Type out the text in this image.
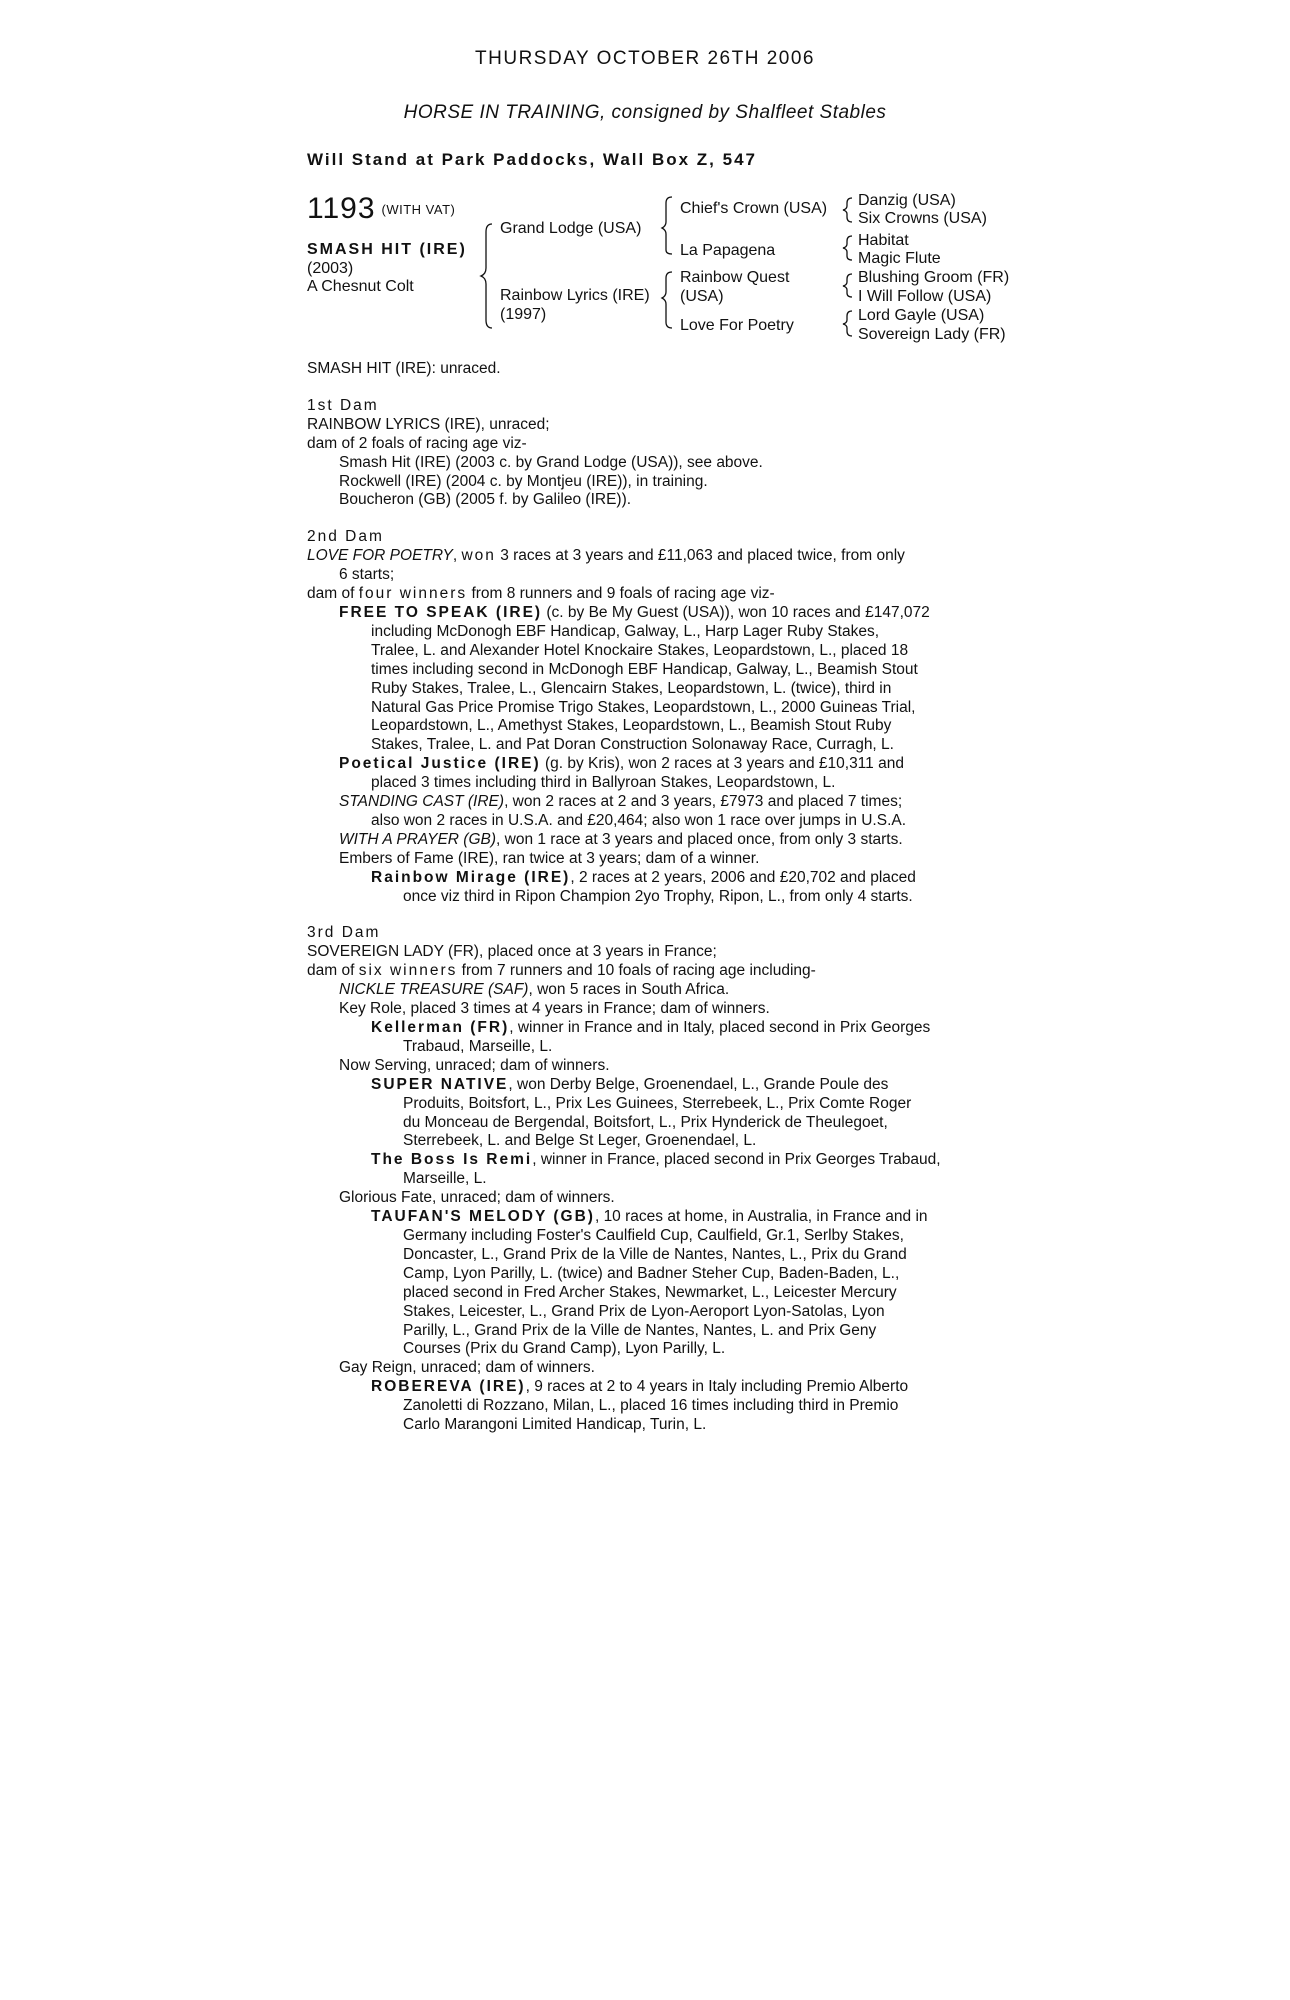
THURSDAY OCTOBER 26TH 2006
HORSE IN TRAINING, consigned by Shalfleet Stables
Will Stand at Park Paddocks, Wall Box Z, 547
1193 (WITH VAT)
SMASH HIT (IRE)
(2003)
A Chesnut Colt
Grand Lodge (USA)
Rainbow Lyrics (IRE)
(1997)
Chief's Crown (USA)
La Papagena
Rainbow Quest
(USA)
Love For Poetry
Danzig (USA)
Six Crowns (USA)
Habitat
Magic Flute
Blushing Groom (FR)
I Will Follow (USA)
Lord Gayle (USA)
Sovereign Lady (FR)

SMASH HIT (IRE): unraced.

1st Dam

RAINBOW LYRICS (IRE), unraced;

dam of 2 foals of racing age viz-

Smash Hit (IRE) (2003 c. by Grand Lodge (USA)), see above.

Rockwell (IRE) (2004 c. by Montjeu (IRE)), in training.

Boucheron (GB) (2005 f. by Galileo (IRE)).

2nd Dam

LOVE FOR POETRY, won 3 races at 3 years and £11,063 and placed twice, from only

6 starts;

dam of four winners from 8 runners and 9 foals of racing age viz-

FREE TO SPEAK (IRE) (c. by Be My Guest (USA)), won 10 races and £147,072

including McDonogh EBF Handicap, Galway, L., Harp Lager Ruby Stakes,

Tralee, L. and Alexander Hotel Knockaire Stakes, Leopardstown, L., placed 18

times including second in McDonogh EBF Handicap, Galway, L., Beamish Stout

Ruby Stakes, Tralee, L., Glencairn Stakes, Leopardstown, L. (twice), third in

Natural Gas Price Promise Trigo Stakes, Leopardstown, L., 2000 Guineas Trial,

Leopardstown, L., Amethyst Stakes, Leopardstown, L., Beamish Stout Ruby

Stakes, Tralee, L. and Pat Doran Construction Solonaway Race, Curragh, L.

Poetical Justice (IRE) (g. by Kris), won 2 races at 3 years and £10,311 and

placed 3 times including third in Ballyroan Stakes, Leopardstown, L.

STANDING CAST (IRE), won 2 races at 2 and 3 years, £7973 and placed 7 times;

also won 2 races in U.S.A. and £20,464; also won 1 race over jumps in U.S.A.

WITH A PRAYER (GB), won 1 race at 3 years and placed once, from only 3 starts.

Embers of Fame (IRE), ran twice at 3 years; dam of a winner.

Rainbow Mirage (IRE), 2 races at 2 years, 2006 and £20,702 and placed

once viz third in Ripon Champion 2yo Trophy, Ripon, L., from only 4 starts.

3rd Dam

SOVEREIGN LADY (FR), placed once at 3 years in France;

dam of six winners from 7 runners and 10 foals of racing age including-

NICKLE TREASURE (SAF), won 5 races in South Africa.

Key Role, placed 3 times at 4 years in France; dam of winners.

Kellerman (FR), winner in France and in Italy, placed second in Prix Georges

Trabaud, Marseille, L.

Now Serving, unraced; dam of winners.

SUPER NATIVE, won Derby Belge, Groenendael, L., Grande Poule des

Produits, Boitsfort, L., Prix Les Guinees, Sterrebeek, L., Prix Comte Roger

du Monceau de Bergendal, Boitsfort, L., Prix Hynderick de Theulegoet,

Sterrebeek, L. and Belge St Leger, Groenendael, L.

The Boss Is Remi, winner in France, placed second in Prix Georges Trabaud,

Marseille, L.

Glorious Fate, unraced; dam of winners.

TAUFAN'S MELODY (GB), 10 races at home, in Australia, in France and in

Germany including Foster's Caulfield Cup, Caulfield, Gr.1, Serlby Stakes,

Doncaster, L., Grand Prix de la Ville de Nantes, Nantes, L., Prix du Grand

Camp, Lyon Parilly, L. (twice) and Badner Steher Cup, Baden-Baden, L.,

placed second in Fred Archer Stakes, Newmarket, L., Leicester Mercury

Stakes, Leicester, L., Grand Prix de Lyon-Aeroport Lyon-Satolas, Lyon

Parilly, L., Grand Prix de la Ville de Nantes, Nantes, L. and Prix Geny

Courses (Prix du Grand Camp), Lyon Parilly, L.

Gay Reign, unraced; dam of winners.

ROBEREVA (IRE), 9 races at 2 to 4 years in Italy including Premio Alberto

Zanoletti di Rozzano, Milan, L., placed 16 times including third in Premio

Carlo Marangoni Limited Handicap, Turin, L.
